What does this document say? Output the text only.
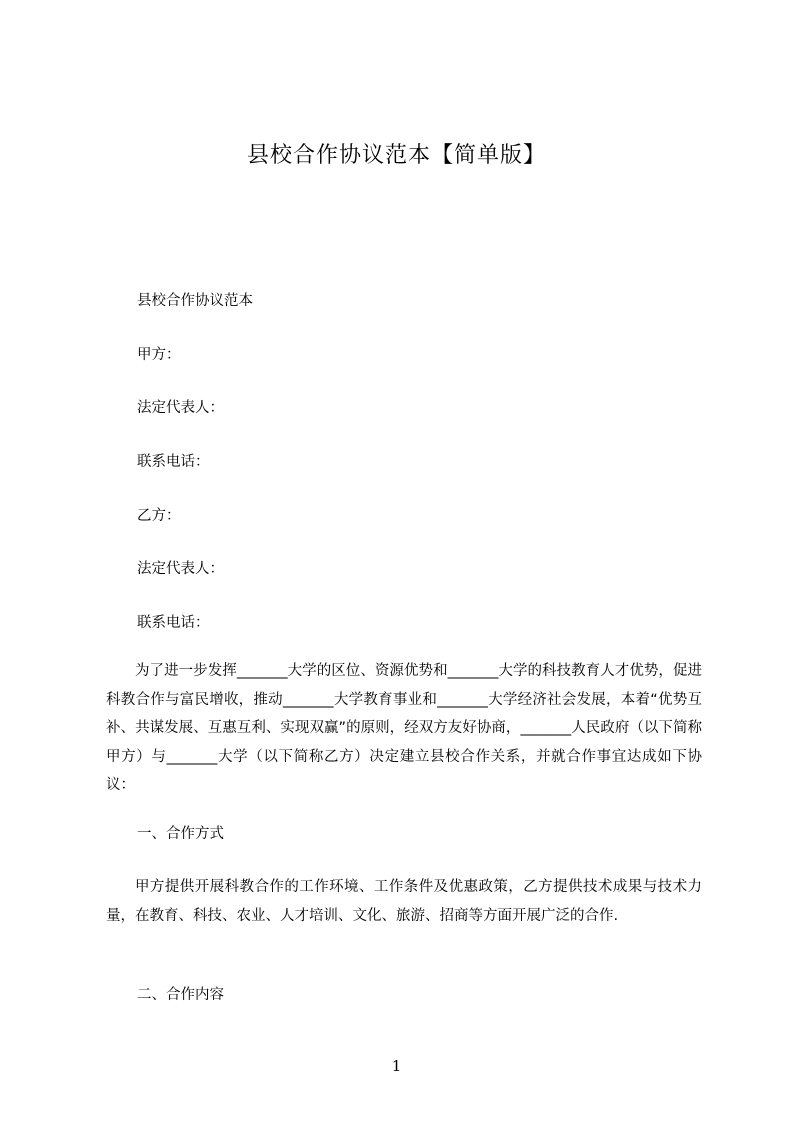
县校合作协议范本【简单版】
县校合作协议范本
甲方：
法定代表人：
联系电话：
乙方：
法定代表人：
联系电话：
为了进一步发挥_______大学的区位、资源优势和_______大学的科技教育人才优势，促进科教合作与富民增收，推动_______大学教育事业和_______大学经济社会发展，本着“优势互补、共谋发展、互惠互利、实现双赢”的原则，经双方友好协商，_______人民政府（以下简称甲方）与_______大学（以下简称乙方）决定建立县校合作关系，并就合作事宜达成如下协议：
一、合作方式
甲方提供开展科教合作的工作环境、工作条件及优惠政策，乙方提供技术成果与技术力量，在教育、科技、农业、人才培训、文化、旅游、招商等方面开展广泛的合作.
二、合作内容
1
